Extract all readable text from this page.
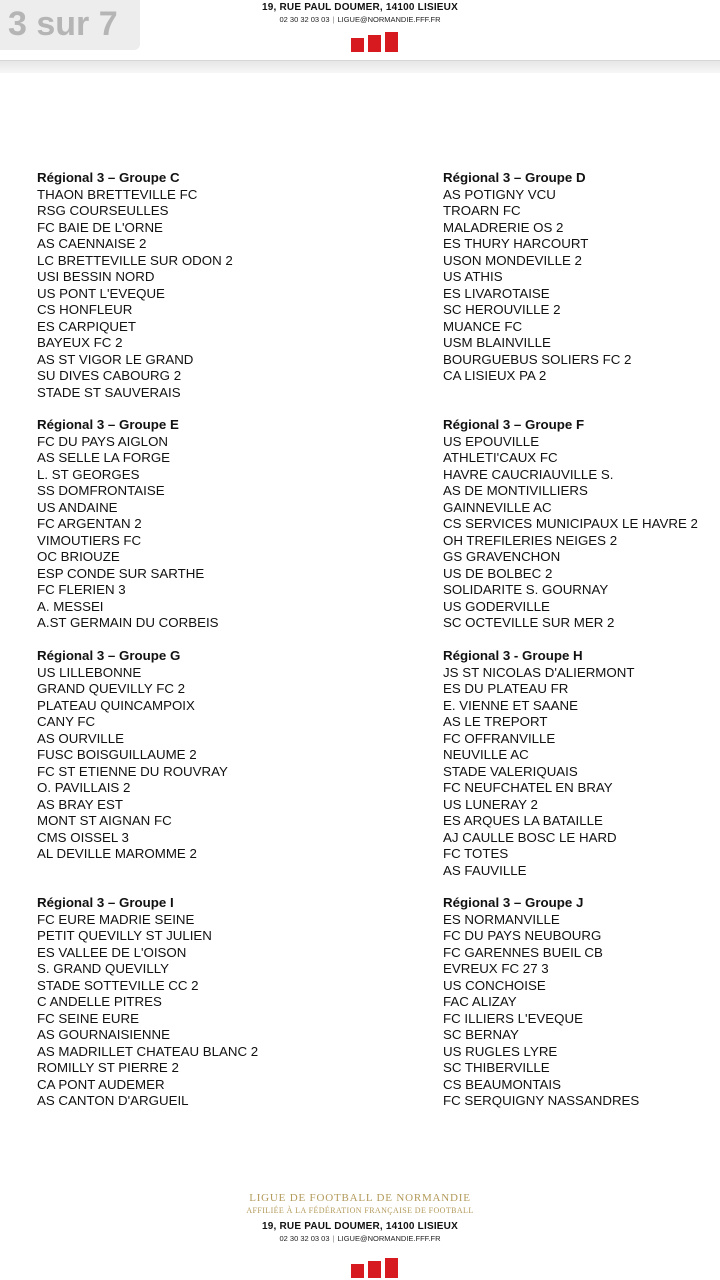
19, RUE PAUL DOUMER, 14100 LISIEUX
02 30 32 03 03 | LIGUE@NORMANDIE.FFF.FR
3 sur 7
Régional 3 – Groupe C
THAON BRETTEVILLE FC
RSG COURSEULLES
FC BAIE DE L'ORNE
AS CAENNAISE 2
LC BRETTEVILLE SUR ODON 2
USI BESSIN NORD
US PONT L'EVEQUE
CS HONFLEUR
ES CARPIQUET
BAYEUX FC 2
AS ST VIGOR LE GRAND
SU DIVES CABOURG 2
STADE ST SAUVERAIS
Régional 3 – Groupe D
AS POTIGNY VCU
TROARN FC
MALADRERIE OS 2
ES THURY HARCOURT
USON MONDEVILLE 2
US ATHIS
ES LIVAROTAISE
SC HEROUVILLE 2
MUANCE FC
USM BLAINVILLE
BOURGUEBUS SOLIERS FC 2
CA LISIEUX PA 2
Régional 3 – Groupe E
FC DU PAYS AIGLON
AS SELLE LA FORGE
L. ST GEORGES
SS DOMFRONTAISE
US ANDAINE
FC ARGENTAN 2
VIMOUTIERS FC
OC BRIOUZE
ESP CONDE SUR SARTHE
FC FLERIEN 3
A. MESSEI
A.ST GERMAIN DU CORBEIS
Régional 3 – Groupe F
US EPOUVILLE
ATHLETI'CAUX FC
HAVRE CAUCRIAUVILLE S.
AS DE MONTIVILLIERS
GAINNEVILLE AC
CS SERVICES MUNICIPAUX LE HAVRE 2
OH TREFILERIES NEIGES 2
GS GRAVENCHON
US DE BOLBEC 2
SOLIDARITE S. GOURNAY
US GODERVILLE
SC OCTEVILLE SUR MER 2
Régional 3 – Groupe G
US LILLEBONNE
GRAND QUEVILLY FC 2
PLATEAU QUINCAMPOIX
CANY FC
AS OURVILLE
FUSC BOISGUILLAUME 2
FC ST ETIENNE DU ROUVRAY
O. PAVILLAIS 2
AS BRAY EST
MONT ST AIGNAN FC
CMS OISSEL 3
AL DEVILLE MAROMME 2
Régional 3 - Groupe H
JS ST NICOLAS D'ALIERMONT
ES DU PLATEAU FR
E. VIENNE ET SAANE
AS LE TREPORT
FC OFFRANVILLE
NEUVILLE AC
STADE VALERIQUAIS
FC NEUFCHATEL EN BRAY
US LUNERAY 2
ES ARQUES LA BATAILLE
AJ CAULLE BOSC LE HARD
FC TOTES
AS FAUVILLE
Régional 3 – Groupe I
FC EURE MADRIE SEINE
PETIT QUEVILLY ST JULIEN
ES VALLEE DE L'OISON
S. GRAND QUEVILLY
STADE SOTTEVILLE CC 2
C ANDELLE PITRES
FC SEINE EURE
AS GOURNAISIENNE
AS MADRILLET CHATEAU BLANC 2
ROMILLY ST PIERRE 2
CA PONT AUDEMER
AS CANTON D'ARGUEIL
Régional 3 – Groupe J
ES NORMANVILLE
FC DU PAYS NEUBOURG
FC GARENNES BUEIL CB
EVREUX FC 27 3
US CONCHOISE
FAC ALIZAY
FC ILLIERS L'EVEQUE
SC BERNAY
US RUGLES LYRE
SC THIBERVILLE
CS BEAUMONTAIS
FC SERQUIGNY NASSANDRES
LIGUE DE FOOTBALL DE NORMANDIE
AFFILIÉE À LA FÉDÉRATION FRANÇAISE DE FOOTBALL
19, RUE PAUL DOUMER, 14100 LISIEUX
02 30 32 03 03 | LIGUE@NORMANDIE.FFF.FR
